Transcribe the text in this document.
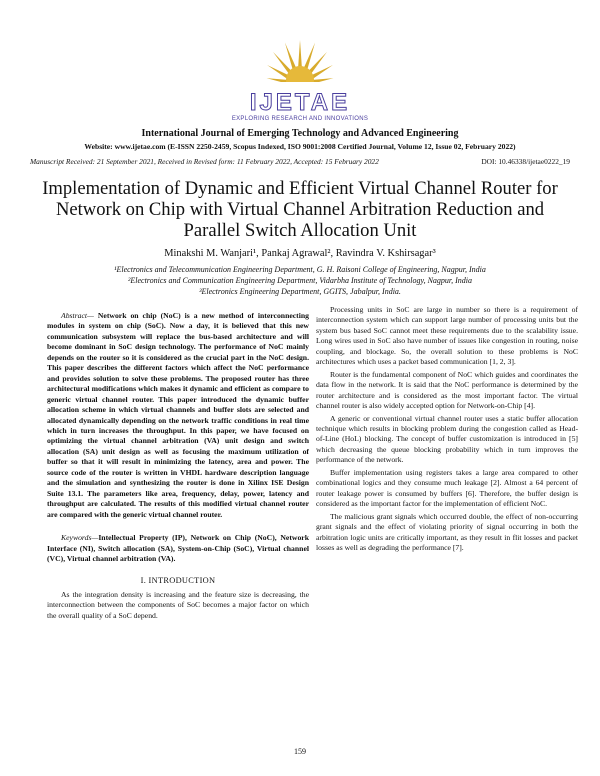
IJETAE
EXPLORING RESEARCH AND INNOVATIONS
International Journal of Emerging Technology and Advanced Engineering
Website: www.ijetae.com (E-ISSN 2250-2459, Scopus Indexed, ISO 9001:2008 Certified Journal, Volume 12, Issue 02, February 2022)
Manuscript Received: 21 September 2021, Received in Revised form: 11 February 2022, Accepted: 15 February 2022	DOI: 10.46338/ijetae0222_19
Implementation of Dynamic and Efficient Virtual Channel Router for Network on Chip with Virtual Channel Arbitration Reduction and Parallel Switch Allocation Unit
Minakshi M. Wanjari¹, Pankaj Agrawal², Ravindra V. Kshirsagar³
¹Electronics and Telecommunication Engineering Department, G. H. Raisoni College of Engineering, Nagpur, India
²Electronics and Communication Engineering Department, Vidarbha Institute of Technology, Nagpur, India
³Electronics Engineering Department, GGITS, Jabalpur, India.

Abstract— Network on chip (NoC) is a new method of interconnecting modules in system on chip (SoC). Now a day, it is believed that this new communication subsystem will replace the bus-based architecture and will become dominant in SoC design technology. The performance of NoC mainly depends on the router so it is considered as the crucial part in the NoC design. This paper describes the different factors which affect the NoC performance and provides solution to solve these problems. The proposed router has three architectural modifications which makes it dynamic and efficient as compare to generic virtual channel router. This paper introduced the dynamic buffer allocation scheme in which virtual channels and buffer slots are selected and allocated dynamically depending on the network traffic conditions in real time which in turn increases the throughput. In this paper, we have focused on optimizing the virtual channel arbitration (VA) unit design and switch allocation (SA) unit design as well as focusing the maximum utilization of buffer so that it will result in minimizing the latency, area and power. The source code of the router is written in VHDL hardware description language and the simulation and synthesizing the router is done in Xilinx ISE Design Suite 13.1. The parameters like area, frequency, delay, power, latency and throughput are calculated. The results of this modified virtual channel router are compared with the generic virtual channel router.

Keywords—Intellectual Property (IP), Network on Chip (NoC), Network Interface (NI), Switch allocation (SA), System-on-Chip (SoC), Virtual channel (VC), Virtual channel arbitration (VA).

I. INTRODUCTION

As the integration density is increasing and the feature size is decreasing, the interconnection between the components of SoC becomes a major factor on which the overall quality of a SoC depend.

Processing units in SoC are large in number so there is a requirement of interconnection system which can support large number of processing units but the system bus based SoC cannot meet these requirements due to the scalability issue. Long wires used in SoC also have number of issues like congestion in routing, noise coupling, and blockage. So, the overall solution to these problems is NoC architectures which uses a packet based communication [1, 2, 3].

Router is the fundamental component of NoC which guides and coordinates the data flow in the network. It is said that the NoC performance is determined by the router architecture and is considered as the most important factor. The virtual channel router is also widely accepted option for Network-on-Chip [4].

A generic or conventional virtual channel router uses a static buffer allocation technique which results in blocking problem during the congestion called as Head-of-Line (HoL) blocking. The concept of buffer customization is introduced in [5] which decreasing the queue blocking probability which in turn improves the performance of the network.

Buffer implementation using registers takes a large area compared to other combinational logics and they consume much leakage [2]. Almost a 64 percent of router leakage power is consumed by buffers [6]. Therefore, the buffer design is considered as the important factor for the implementation of efficient NoC.

The malicious grant signals which occurred double, the effect of non-occurring grant signals and the effect of violating priority of signal occurring in both the arbitration logic units are critically important, as they result in flit losses and packet losses as well as degrading the performance [7].

159
